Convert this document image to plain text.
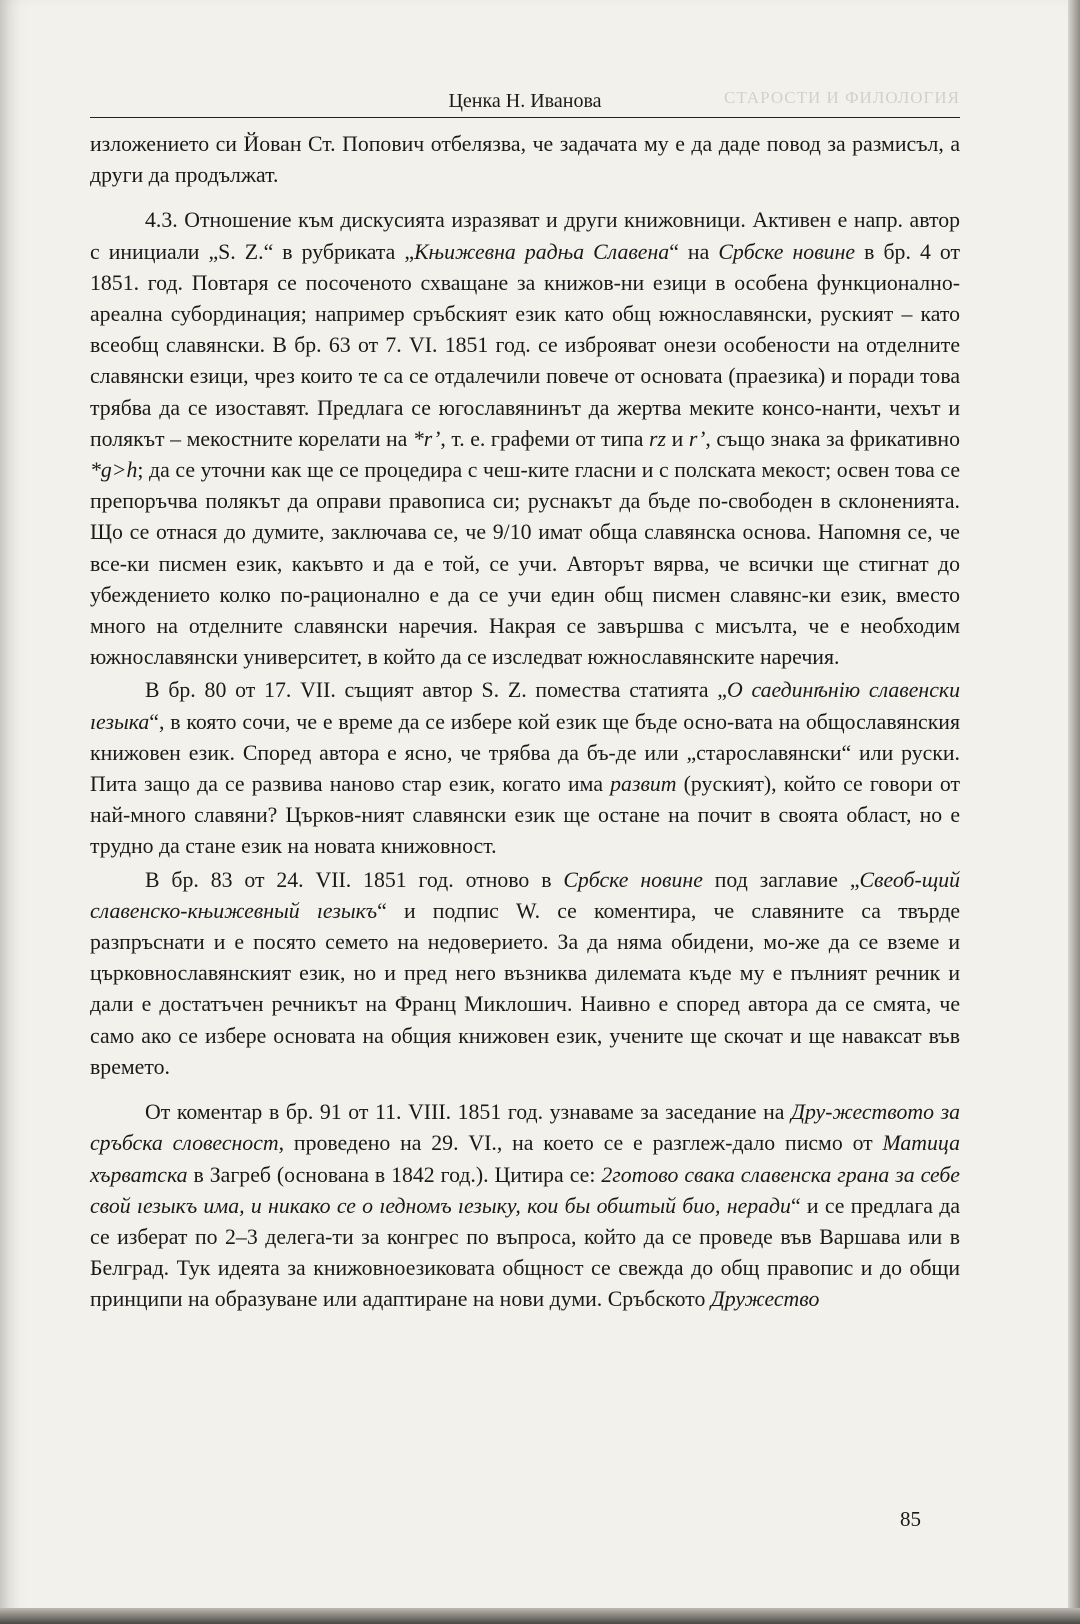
СТАРОСТИ И ФИЛОЛОГИЯ
Ценка Н. Иванова

изложението си Йован Ст. Попович отбелязва, че задачата му е да даде повод за размисъл, а други да продължат.

4.3. Отношение към дискусията изразяват и други книжовници. Активен е напр. автор с инициали „S. Z.“ в рубриката „Књижевна радња Славена“ на Србске новине в бр. 4 от 1851. год. Повтаря се посоченото схващане за книжов-ни езици в особена функционално-ареална субординация; например сръбският език като общ южнославянски, руският – като всеобщ славянски. В бр. 63 от 7. VI. 1851 год. се изброяват онези особености на отделните славянски езици, чрез които те са се отдалечили повече от основата (праезика) и поради това трябва да се изоставят. Предлага се югославянинът да жертва меките консо-нанти, чехът и полякът – мекостните корелати на *r’, т. е. графеми от типа rz и r’, също знака за фрикативно *g>h; да се уточни как ще се процедира с чеш-ките гласни и с полската мекост; освен това се препоръчва полякът да оправи правописа си; руснакът да бъде по-свободен в склоненията. Що се отнася до думите, заключава се, че 9/10 имат обща славянска основа. Напомня се, че все-ки писмен език, какъвто и да е той, се учи. Авторът вярва, че всички ще стигнат до убеждението колко по-рационално е да се учи един общ писмен славянс-ки език, вместо много на отделните славянски наречия. Накрая се завършва с мисълта, че е необходим южнославянски университет, в който да се изследват южнославянските наречия.

В бр. 80 от 17. VII. същият автор S. Z. помества статията „О саединѣнію славенски ıезыка“, в която сочи, че е време да се избере кой език ще бъде осно-вата на общославянския книжовен език. Според автора е ясно, че трябва да бъ-де или „старославянски“ или руски. Пита защо да се развива наново стар език, когато има развит (руският), който се говори от най-много славяни? Църков-ният славянски език ще остане на почит в своята област, но е трудно да стане език на новата книжовност.

В бр. 83 от 24. VII. 1851 год. отново в Србске новине под заглавие „Свеоб-щий славенско-књижевный ıезыкъ“ и подпис W. се коментира, че славяните са твърде разпръснати и е посято семето на недоверието. За да няма обидени, мо-же да се вземе и църковнославянският език, но и пред него възниква дилемата къде му е пълният речник и дали е достатъчен речникът на Франц Миклошич. Наивно е според автора да се смята, че само ако се избере основата на общия книжовен език, учените ще скочат и ще наваксат във времето.

От коментар в бр. 91 от 11. VIII. 1851 год. узнаваме за заседание на Дру-жеството за сръбска словесност, проведено на 29. VI., на което се е разглеж-дало писмо от Матица хърватска в Загреб (основана в 1842 год.). Цитира се: 2готово свака славенска грана за себе свой ıезыкъ има, и никако се о ıедномъ ıезыку, кои бы обштый био, неради“ и се предлага да се изберат по 2–3 делега-ти за конгрес по въпроса, който да се проведе във Варшава или в Белград. Тук идеята за книжовноезиковата общност се свежда до общ правопис и до общи принципи на образуване или адаптиране на нови думи. Сръбското Дружество

85
